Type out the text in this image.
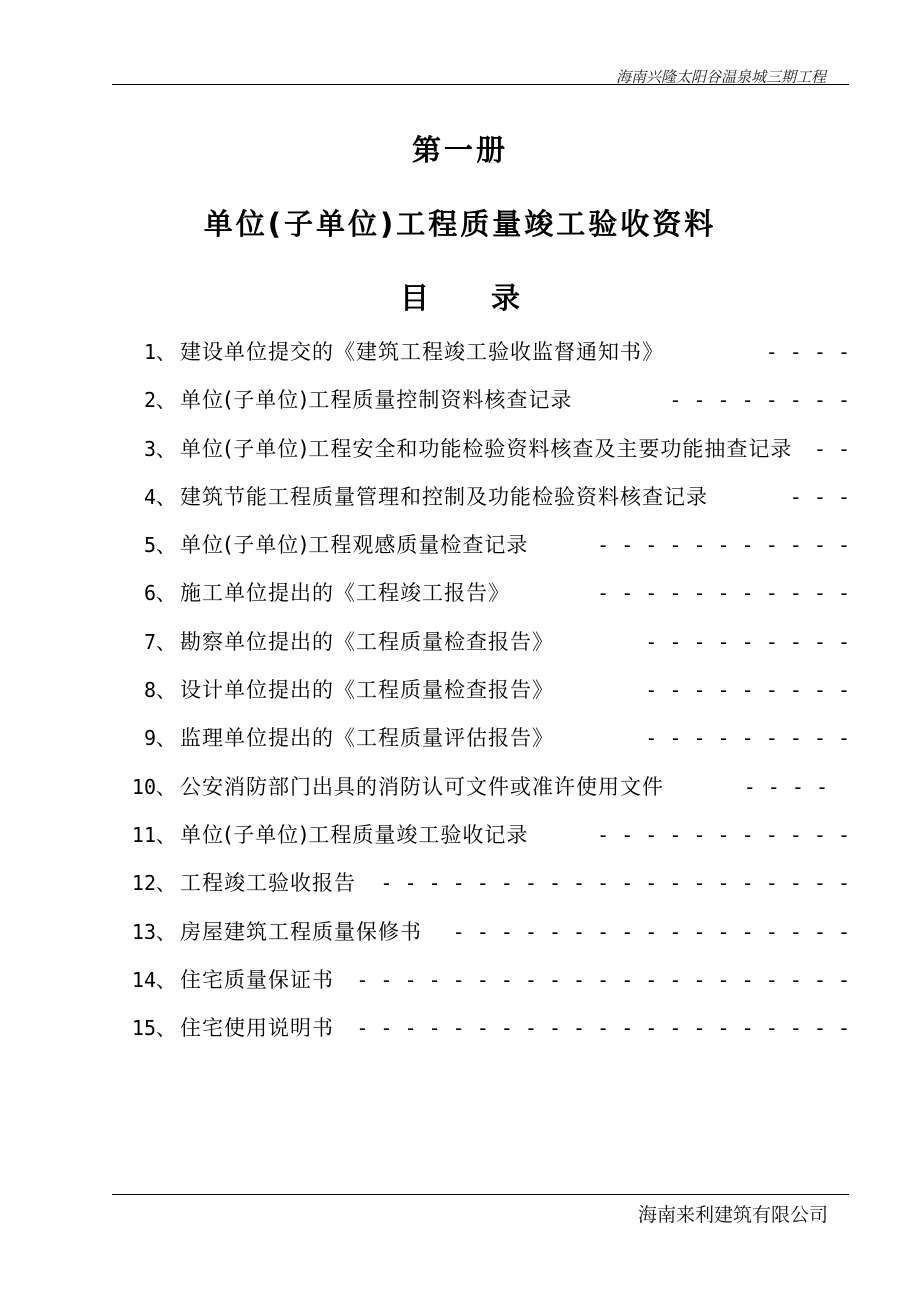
海南兴隆太阳谷温泉城三期工程
第一册
单位(子单位)工程质量竣工验收资料
目 录
1、 建设单位提交的《建筑工程竣工验收监督通知书》	- - - -
2、 单位(子单位)工程质量控制资料核查记录	- - - - - - - -
3、 单位(子单位)工程安全和功能检验资料核查及主要功能抽查记录 - -
4、 建筑节能工程质量管理和控制及功能检验资料核查记录	- - -
5、 单位(子单位)工程观感质量检查记录	- - - - - - - - - - -
6、 施工单位提出的《工程竣工报告》	- - - - - - - - - - -
7、 勘察单位提出的《工程质量检查报告》	- - - - - - - - -
8、 设计单位提出的《工程质量检查报告》	- - - - - - - - -
9、 监理单位提出的《工程质量评估报告》	- - - - - - - - -
10、 公安消防部门出具的消防认可文件或准许使用文件	- - - -
11、 单位(子单位)工程质量竣工验收记录	- - - - - - - - - - -
12、 工程竣工验收报告 - - - - - - - - - - - - - - - - - - - -
13、 房屋建筑工程质量保修书 - - - - - - - - - - - - - - - - -
14、 住宅质量保证书 - - - - - - - - - - - - - - - - - - - - -
15、 住宅使用说明书 - - - - - - - - - - - - - - - - - - - - -
海南来利建筑有限公司
